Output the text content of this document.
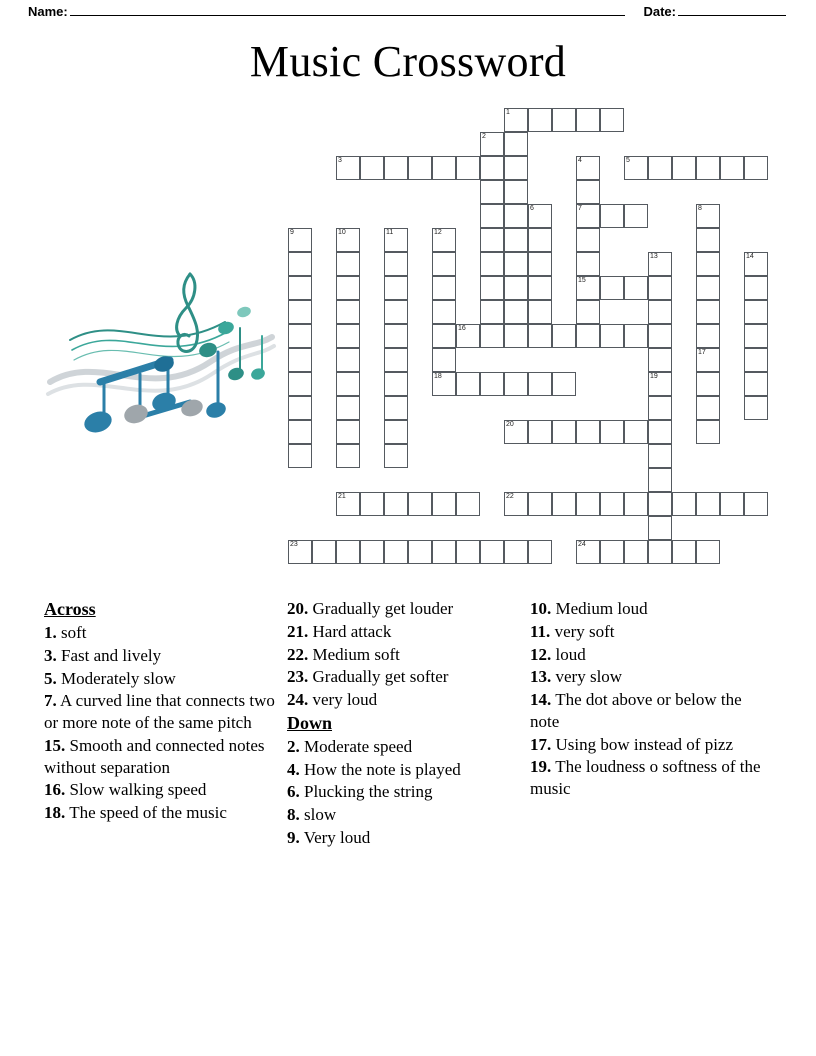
Name:	Date:
Music Crossword
1
2
3	4	5
6	7	8
9	10	11	12
13	14
15
16
17
18	19
20
21	22
23	24
Across
1. soft
3. Fast and lively
5. Moderately slow
7. A curved line that connects two or more note of the same pitch
15. Smooth and connected notes without separation
16. Slow walking speed
18. The speed of the music
20. Gradually get louder
21. Hard attack
22. Medium soft
23. Gradually get softer
24. very loud
Down
2. Moderate speed
4. How the note is played
6. Plucking the string
8. slow
9. Very loud
10. Medium loud
11. very soft
12. loud
13. very slow
14. The dot above or below the note
17. Using bow instead of pizz
19. The loudness o softness of the music
